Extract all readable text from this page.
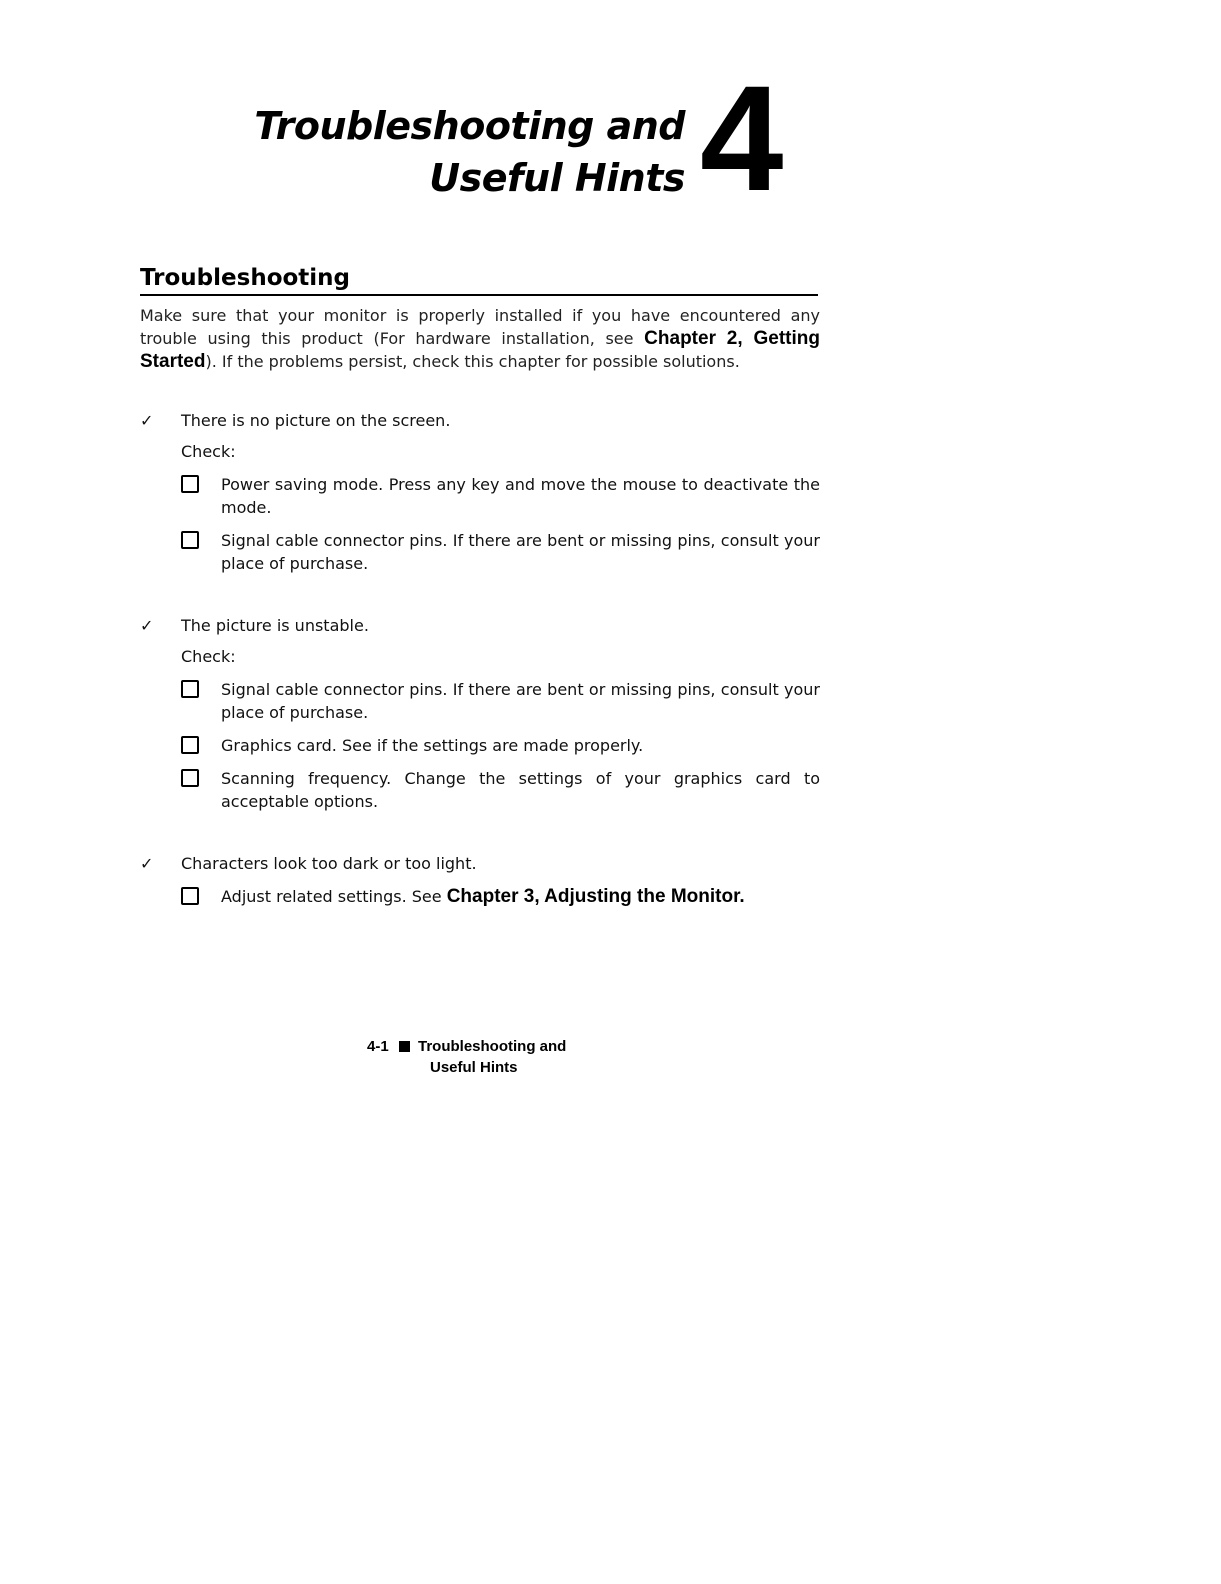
Troubleshooting and
Useful Hints 4
Troubleshooting
Make sure that your monitor is properly installed if you have encountered any trouble using this product (For hardware installation, see Chapter 2, Getting Started). If the problems persist, check this chapter for possible solutions.
✓ There is no picture on the screen.
Check:
Power saving mode. Press any key and move the mouse to deactivate the mode.
Signal cable connector pins. If there are bent or missing pins, consult your place of purchase.
✓ The picture is unstable.
Check:
Signal cable connector pins. If there are bent or missing pins, consult your place of purchase.
Graphics card. See if the settings are made properly.
Scanning frequency. Change the settings of your graphics card to acceptable options.
✓ Characters look too dark or too light.
Adjust related settings. See Chapter 3, Adjusting the Monitor.
4-1 Troubleshooting and
Useful Hints
